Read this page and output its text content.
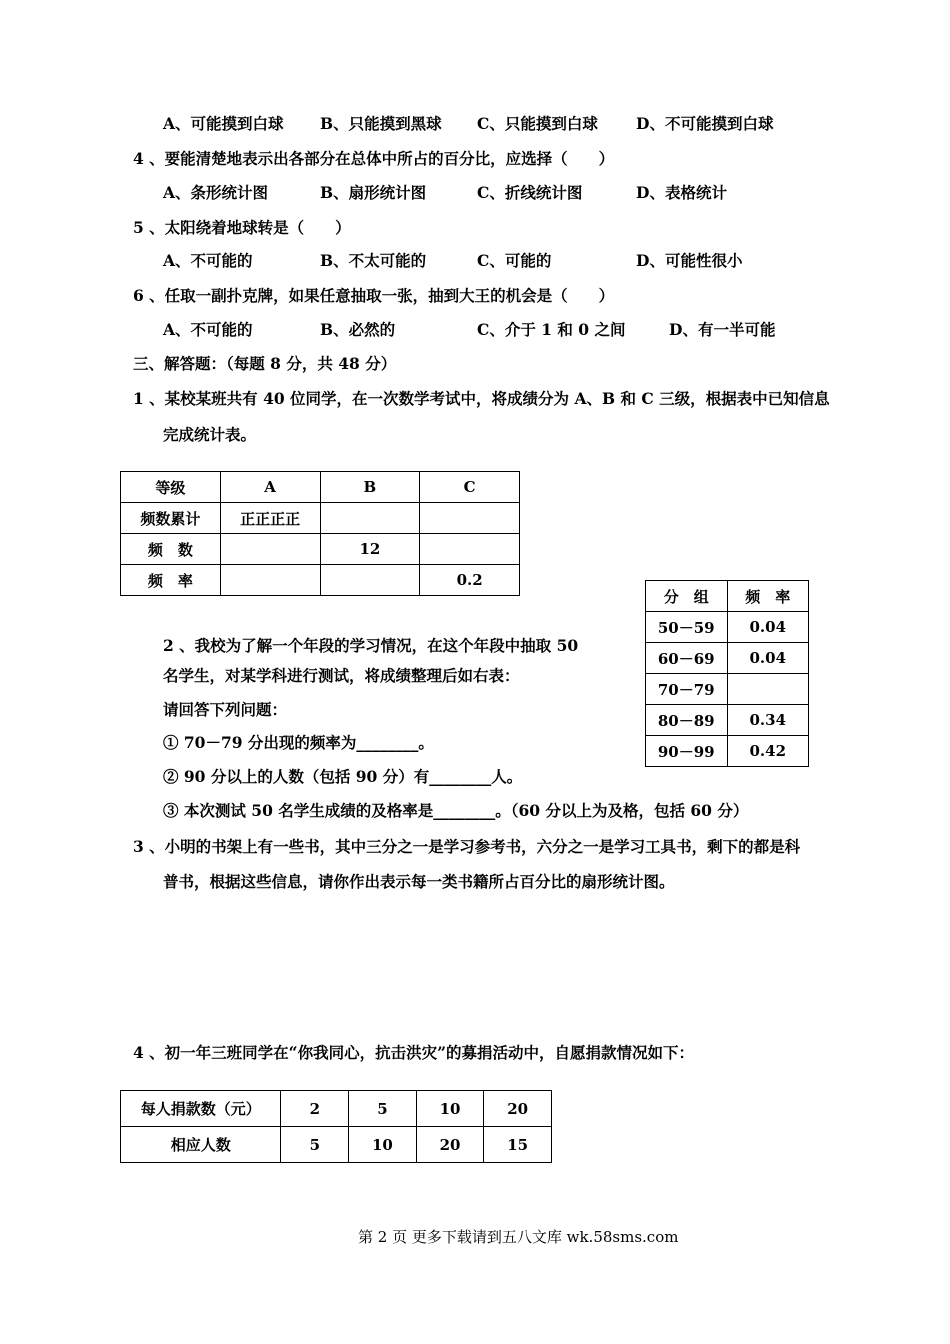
A、可能摸到白球 B、只能摸到黑球 C、只能摸到白球 D、不可能摸到白球
4 、要能清楚地表示出各部分在总体中所占的百分比，应选择（　　）
A、条形统计图	B、扇形统计图	C、折线统计图	D、表格统计
5 、太阳绕着地球转是（　　）
A、不可能的	B、不太可能的	C、可能的	D、可能性很小
6 、任取一副扑克牌，如果任意抽取一张，抽到大王的机会是（　　）
A、不可能的	B、必然的	C、介于 1 和 0 之间	D、有一半可能
三、解答题：（每题 8 分，共 48 分）
1 、某校某班共有 40 位同学，在一次数学考试中，将成绩分为 A、B 和 C 三级，根据表中已知信息
完成统计表。
等级	A	B	C
频数累计	正正正正		
频　数		12	
频　率			0.2
分　组	频　率
50－59	0.04
60－69	0.04
70－79	
80－89	0.34
90－99	0.42
2 、我校为了解一个年段的学习情况，在这个年段中抽取 50
名学生，对某学科进行测试，将成绩整理后如右表：
请回答下列问题：
① 70－79 分出现的频率为________。
② 90 分以上的人数（包括 90 分）有________人。
③ 本次测试 50 名学生成绩的及格率是________。（60 分以上为及格，包括 60 分）
3 、小明的书架上有一些书，其中三分之一是学习参考书，六分之一是学习工具书，剩下的都是科
普书，根据这些信息，请你作出表示每一类书籍所占百分比的扇形统计图。
4 、初一年三班同学在“你我同心，抗击洪灾”的募捐活动中，自愿捐款情况如下：
每人捐款数（元）	2	5	10	20
相应人数	5	10	20	15
第 2 页 更多下载请到五八文库 wk.58sms.com
